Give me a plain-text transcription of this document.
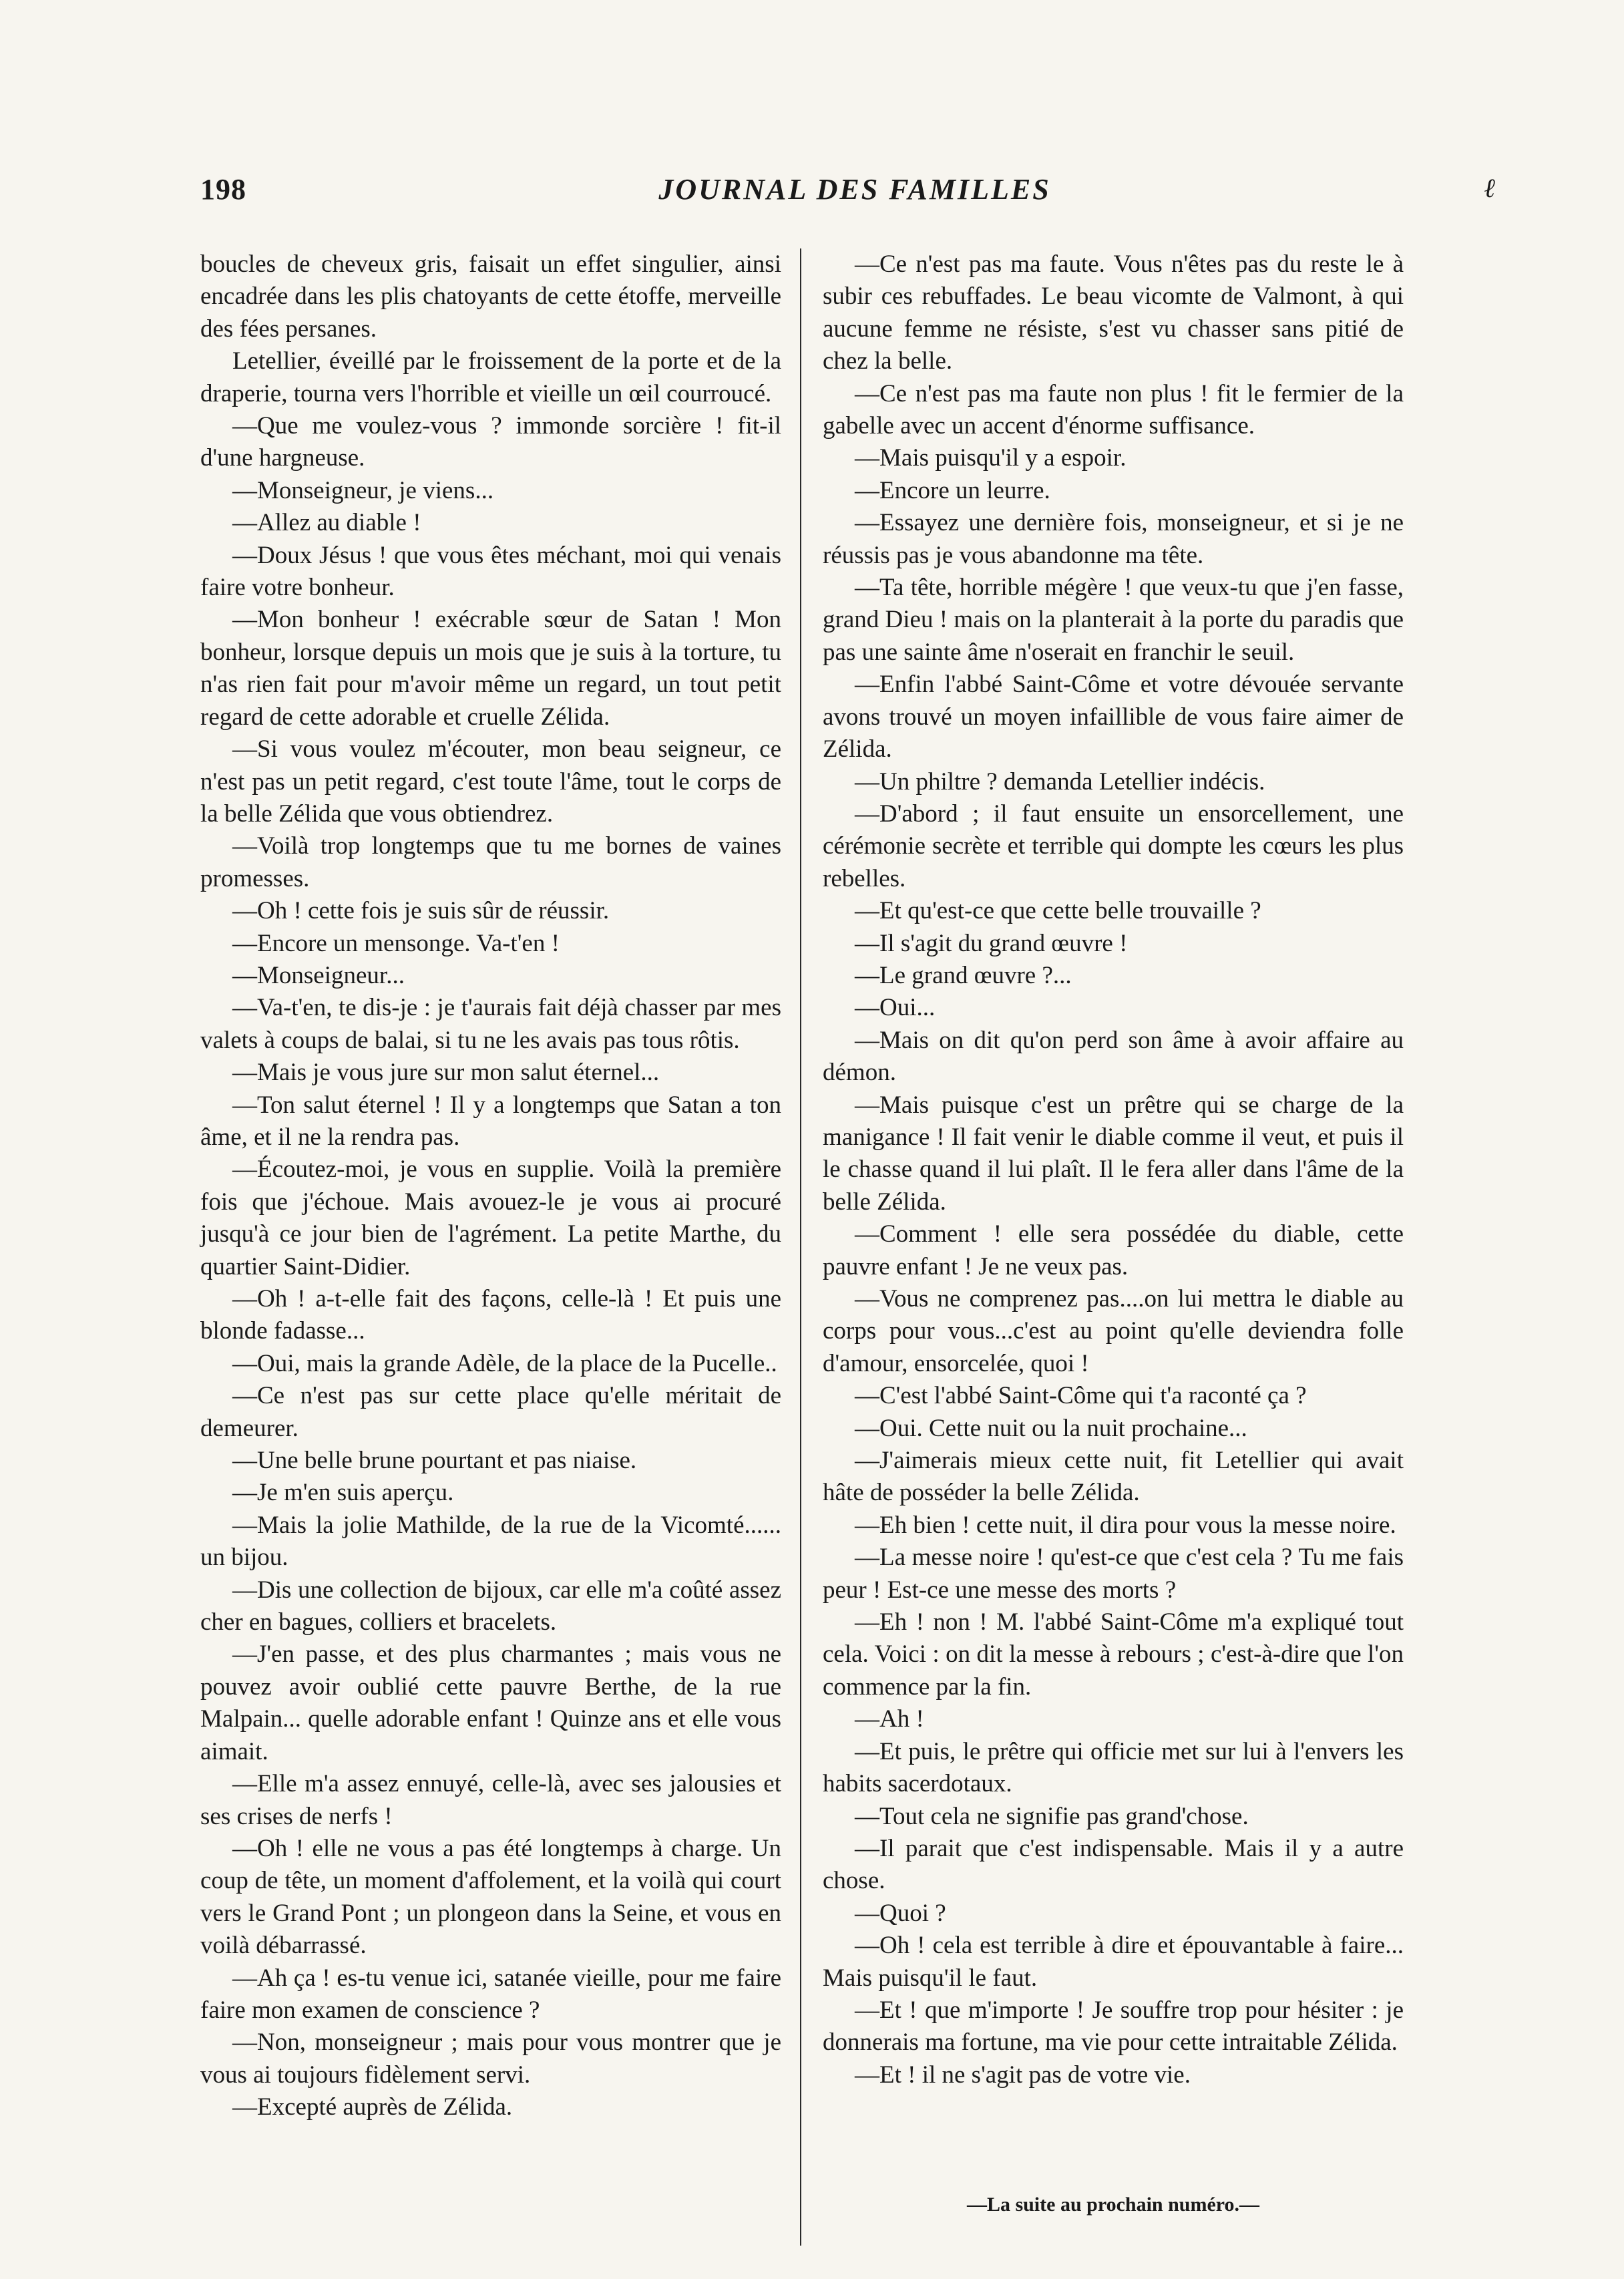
198	JOURNAL DES FAMILLES	ℓ

boucles de cheveux gris, faisait un effet singulier, ainsi encadrée dans les plis chatoyants de cette étoffe, merveille des fées persanes.

Letellier, éveillé par le froissement de la porte et de la draperie, tourna vers l'horrible et vieille un œil courroucé.

—Que me voulez-vous ? immonde sorcière ! fit-il d'une hargneuse.

—Monseigneur, je viens...

—Allez au diable !

—Doux Jésus ! que vous êtes méchant, moi qui venais faire votre bonheur.

—Mon bonheur ! exécrable sœur de Satan ! Mon bonheur, lorsque depuis un mois que je suis à la torture, tu n'as rien fait pour m'avoir même un regard, un tout petit regard de cette adorable et cruelle Zélida.

—Si vous voulez m'écouter, mon beau seigneur, ce n'est pas un petit regard, c'est toute l'âme, tout le corps de la belle Zélida que vous obtiendrez.

—Voilà trop longtemps que tu me bornes de vaines promesses.

—Oh ! cette fois je suis sûr de réussir.

—Encore un mensonge. Va-t'en !

—Monseigneur...

—Va-t'en, te dis-je : je t'aurais fait déjà chasser par mes valets à coups de balai, si tu ne les avais pas tous rôtis.

—Mais je vous jure sur mon salut éternel...

—Ton salut éternel ! Il y a longtemps que Satan a ton âme, et il ne la rendra pas.

—Écoutez-moi, je vous en supplie. Voilà la première fois que j'échoue. Mais avouez-le je vous ai procuré jusqu'à ce jour bien de l'agrément. La petite Marthe, du quartier Saint-Didier.

—Oh ! a-t-elle fait des façons, celle-là ! Et puis une blonde fadasse...

—Oui, mais la grande Adèle, de la place de la Pucelle..

—Ce n'est pas sur cette place qu'elle méritait de demeurer.

—Une belle brune pourtant et pas niaise.

—Je m'en suis aperçu.

—Mais la jolie Mathilde, de la rue de la Vicomté...... un bijou.

—Dis une collection de bijoux, car elle m'a coûté assez cher en bagues, colliers et bracelets.

—J'en passe, et des plus charmantes ; mais vous ne pouvez avoir oublié cette pauvre Berthe, de la rue Malpain... quelle adorable enfant ! Quinze ans et elle vous aimait.

—Elle m'a assez ennuyé, celle-là, avec ses jalousies et ses crises de nerfs !

—Oh ! elle ne vous a pas été longtemps à charge. Un coup de tête, un moment d'affolement, et la voilà qui court vers le Grand Pont ; un plongeon dans la Seine, et vous en voilà débarrassé.

—Ah ça ! es-tu venue ici, satanée vieille, pour me faire faire mon examen de conscience ?

—Non, monseigneur ; mais pour vous montrer que je vous ai toujours fidèlement servi.

—Excepté auprès de Zélida.

—Ce n'est pas ma faute. Vous n'êtes pas du reste le à subir ces rebuffades. Le beau vicomte de Valmont, à qui aucune femme ne résiste, s'est vu chasser sans pitié de chez la belle.

—Ce n'est pas ma faute non plus ! fit le fermier de la gabelle avec un accent d'énorme suffisance.

—Mais puisqu'il y a espoir.

—Encore un leurre.

—Essayez une dernière fois, monseigneur, et si je ne réussis pas je vous abandonne ma tête.

—Ta tête, horrible mégère ! que veux-tu que j'en fasse, grand Dieu ! mais on la planterait à la porte du paradis que pas une sainte âme n'oserait en franchir le seuil.

—Enfin l'abbé Saint-Côme et votre dévouée servante avons trouvé un moyen infaillible de vous faire aimer de Zélida.

—Un philtre ? demanda Letellier indécis.

—D'abord ; il faut ensuite un ensorcellement, une cérémonie secrète et terrible qui dompte les cœurs les plus rebelles.

—Et qu'est-ce que cette belle trouvaille ?

—Il s'agit du grand œuvre !

—Le grand œuvre ?...

—Oui...

—Mais on dit qu'on perd son âme à avoir affaire au démon.

—Mais puisque c'est un prêtre qui se charge de la manigance ! Il fait venir le diable comme il veut, et puis il le chasse quand il lui plaît. Il le fera aller dans l'âme de la belle Zélida.

—Comment ! elle sera possédée du diable, cette pauvre enfant ! Je ne veux pas.

—Vous ne comprenez pas....on lui mettra le diable au corps pour vous...c'est au point qu'elle deviendra folle d'amour, ensorcelée, quoi !

—C'est l'abbé Saint-Côme qui t'a raconté ça ?

—Oui. Cette nuit ou la nuit prochaine...

—J'aimerais mieux cette nuit, fit Letellier qui avait hâte de posséder la belle Zélida.

—Eh bien ! cette nuit, il dira pour vous la messe noire.

—La messe noire ! qu'est-ce que c'est cela ? Tu me fais peur ! Est-ce une messe des morts ?

—Eh ! non ! M. l'abbé Saint-Côme m'a expliqué tout cela. Voici : on dit la messe à rebours ; c'est-à-dire que l'on commence par la fin.

—Ah !

—Et puis, le prêtre qui officie met sur lui à l'envers les habits sacerdotaux.

—Tout cela ne signifie pas grand'chose.

—Il parait que c'est indispensable. Mais il y a autre chose.

—Quoi ?

—Oh ! cela est terrible à dire et épouvantable à faire... Mais puisqu'il le faut.

—Et ! que m'importe ! Je souffre trop pour hésiter : je donnerais ma fortune, ma vie pour cette intraitable Zélida.

—Et ! il ne s'agit pas de votre vie.

—La suite au prochain numéro.—
